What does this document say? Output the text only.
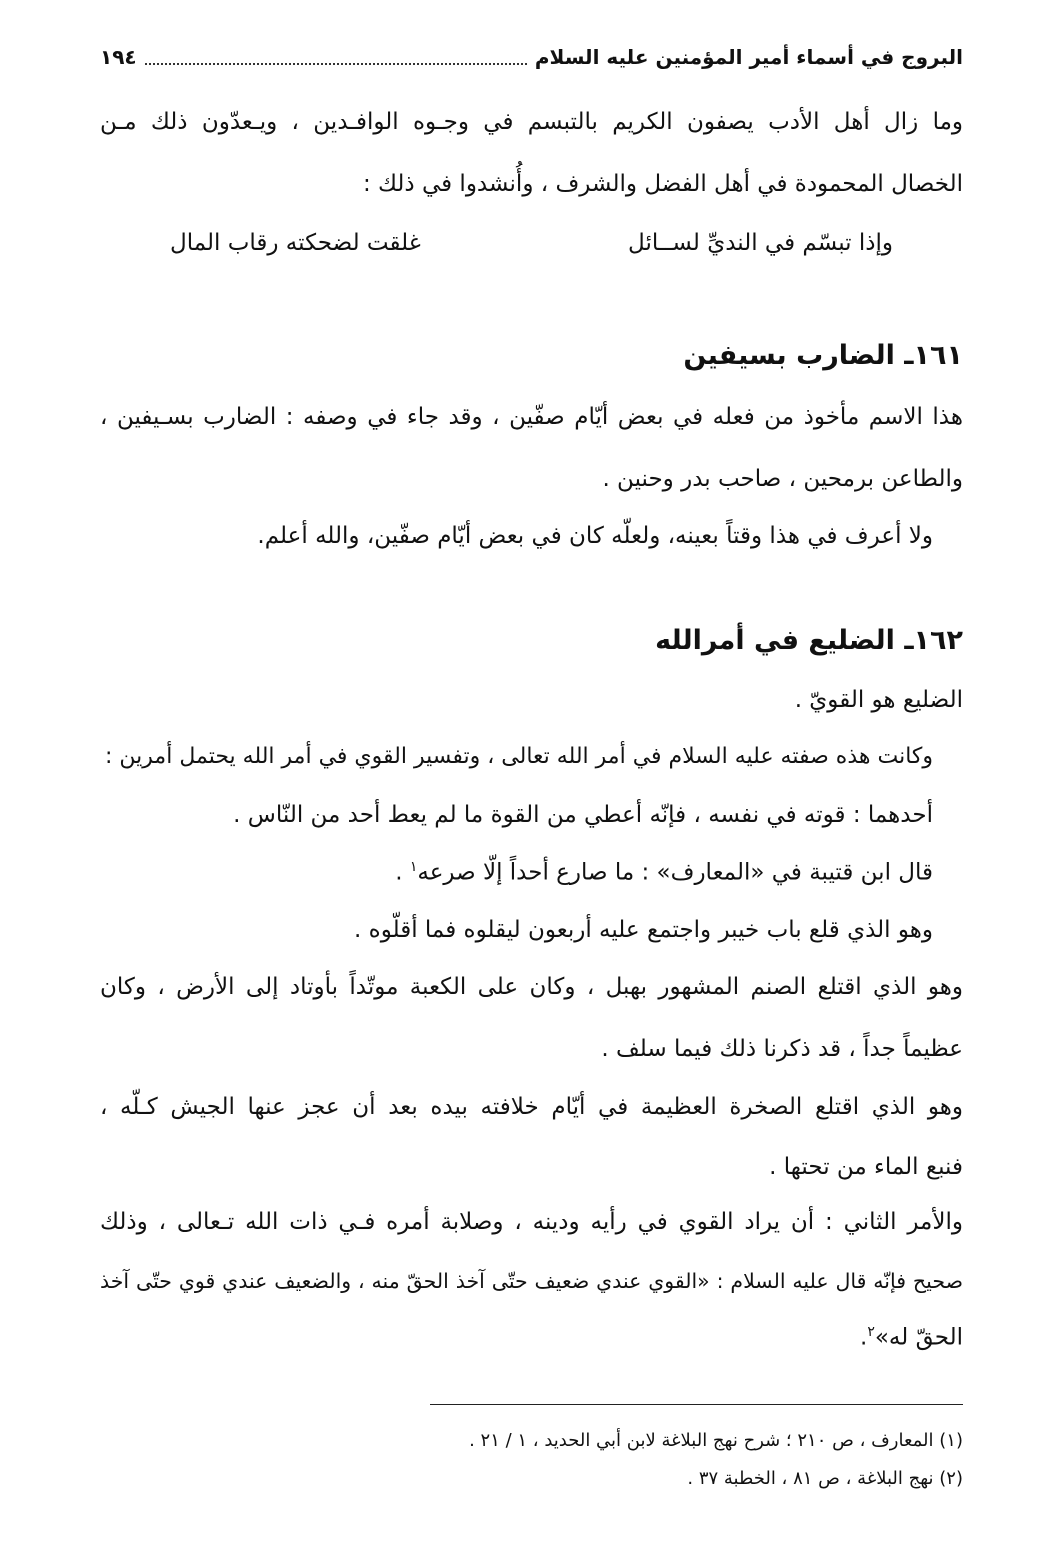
١٩٤	البروج في أسماء أمير المؤمنين عليه السلام
وما زال أهل الأدب يصفون الكريم بالتبسم في وجـوه الوافـدين ، ويـعدّون ذلك مـن
الخصال المحمودة في أهل الفضل والشرف ، وأُنشدوا في ذلك :
وإذا تبسّم في النديِّ لســائل
غلقت لضحكته رقاب المال
١٦١ـ الضارب بسيفين
هذا الاسم مأخوذ من فعله في بعض أيّام صفّين ، وقد جاء في وصفه : الضارب بسـيفين ،
والطاعن برمحين ، صاحب بدر وحنين .
ولا أعرف في هذا وقتاً بعينه، ولعلّه كان في بعض أيّام صفّين، والله أعلم.
١٦٢ـ الضليع في أمرالله
الضليع هو القويّ .
وكانت هذه صفته عليه السلام في أمر الله تعالى ، وتفسير القوي في أمر الله يحتمل أمرين :
أحدهما : قوته في نفسه ، فإنّه أعطي من القوة ما لم يعط أحد من النّاس .
قال ابن قتيبة في «المعارف» : ما صارع أحداً إلّا صرعه$^١$ .
وهو الذي قلع باب خيبر واجتمع عليه أربعون ليقلوه فما أقلّوه .
وهو الذي اقتلع الصنم المشهور بهبل ، وكان على الكعبة موتّداً بأوتاد إلى الأرض ، وكان
عظيماً جداً ، قد ذكرنا ذلك فيما سلف .
وهو الذي اقتلع الصخرة العظيمة في أيّام خلافته بيده بعد أن عجز عنها الجيش كـلّه ،
فنبع الماء من تحتها .
والأمر الثاني : أن يراد القوي في رأيه ودينه ، وصلابة أمره فـي ذات الله تـعالى ، وذلك
صحيح فإنّه قال عليه السلام : «القوي عندي ضعيف حتّى آخذ الحقّ منه ، والضعيف عندي قوي حتّى آخذ
الحقّ له»$^٢$.
(١) المعارف ، ص ٢١٠ ؛ شرح نهج البلاغة لابن أبي الحديد ، ١ / ٢١ .
(٢) نهج البلاغة ، ص ٨١ ، الخطبة ٣٧ .
